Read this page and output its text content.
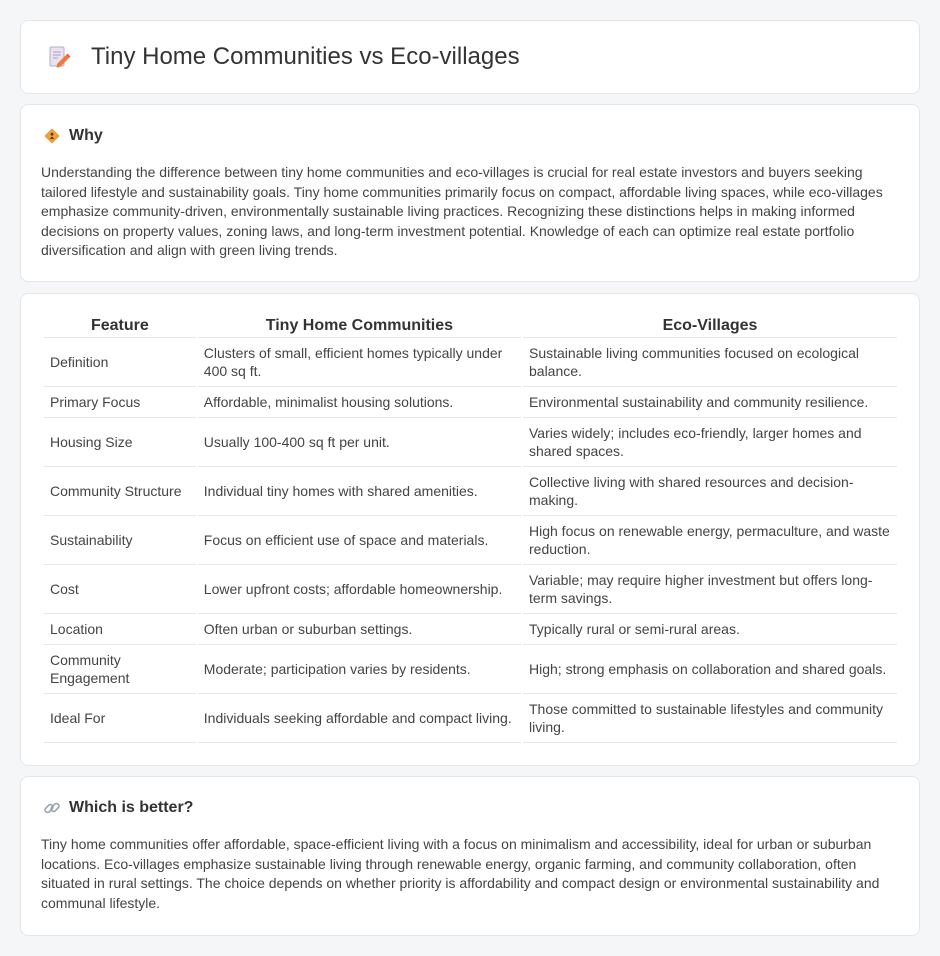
Tiny Home Communities vs Eco-villages
Why

Understanding the difference between tiny home communities and eco-villages is crucial for real estate investors and buyers seeking tailored lifestyle and sustainability goals. Tiny home communities primarily focus on compact, affordable living spaces, while eco-villages emphasize community-driven, environmentally sustainable living practices. Recognizing these distinctions helps in making informed decisions on property values, zoning laws, and long-term investment potential. Knowledge of each can optimize real estate portfolio diversification and align with green living trends.

Feature	Tiny Home Communities	Eco-Villages
Definition	Clusters of small, efficient homes typically under 400 sq ft.	Sustainable living communities focused on ecological balance.
Primary Focus	Affordable, minimalist housing solutions.	Environmental sustainability and community resilience.
Housing Size	Usually 100-400 sq ft per unit.	Varies widely; includes eco-friendly, larger homes and shared spaces.
Community Structure	Individual tiny homes with shared amenities.	Collective living with shared resources and decision-making.
Sustainability	Focus on efficient use of space and materials.	High focus on renewable energy, permaculture, and waste reduction.
Cost	Lower upfront costs; affordable homeownership.	Variable; may require higher investment but offers long-term savings.
Location	Often urban or suburban settings.	Typically rural or semi-rural areas.
Community Engagement	Moderate; participation varies by residents.	High; strong emphasis on collaboration and shared goals.
Ideal For	Individuals seeking affordable and compact living.	Those committed to sustainable lifestyles and community living.
Which is better?

Tiny home communities offer affordable, space-efficient living with a focus on minimalism and accessibility, ideal for urban or suburban locations. Eco-villages emphasize sustainable living through renewable energy, organic farming, and community collaboration, often situated in rural settings. The choice depends on whether priority is affordability and compact design or environmental sustainability and communal lifestyle.
